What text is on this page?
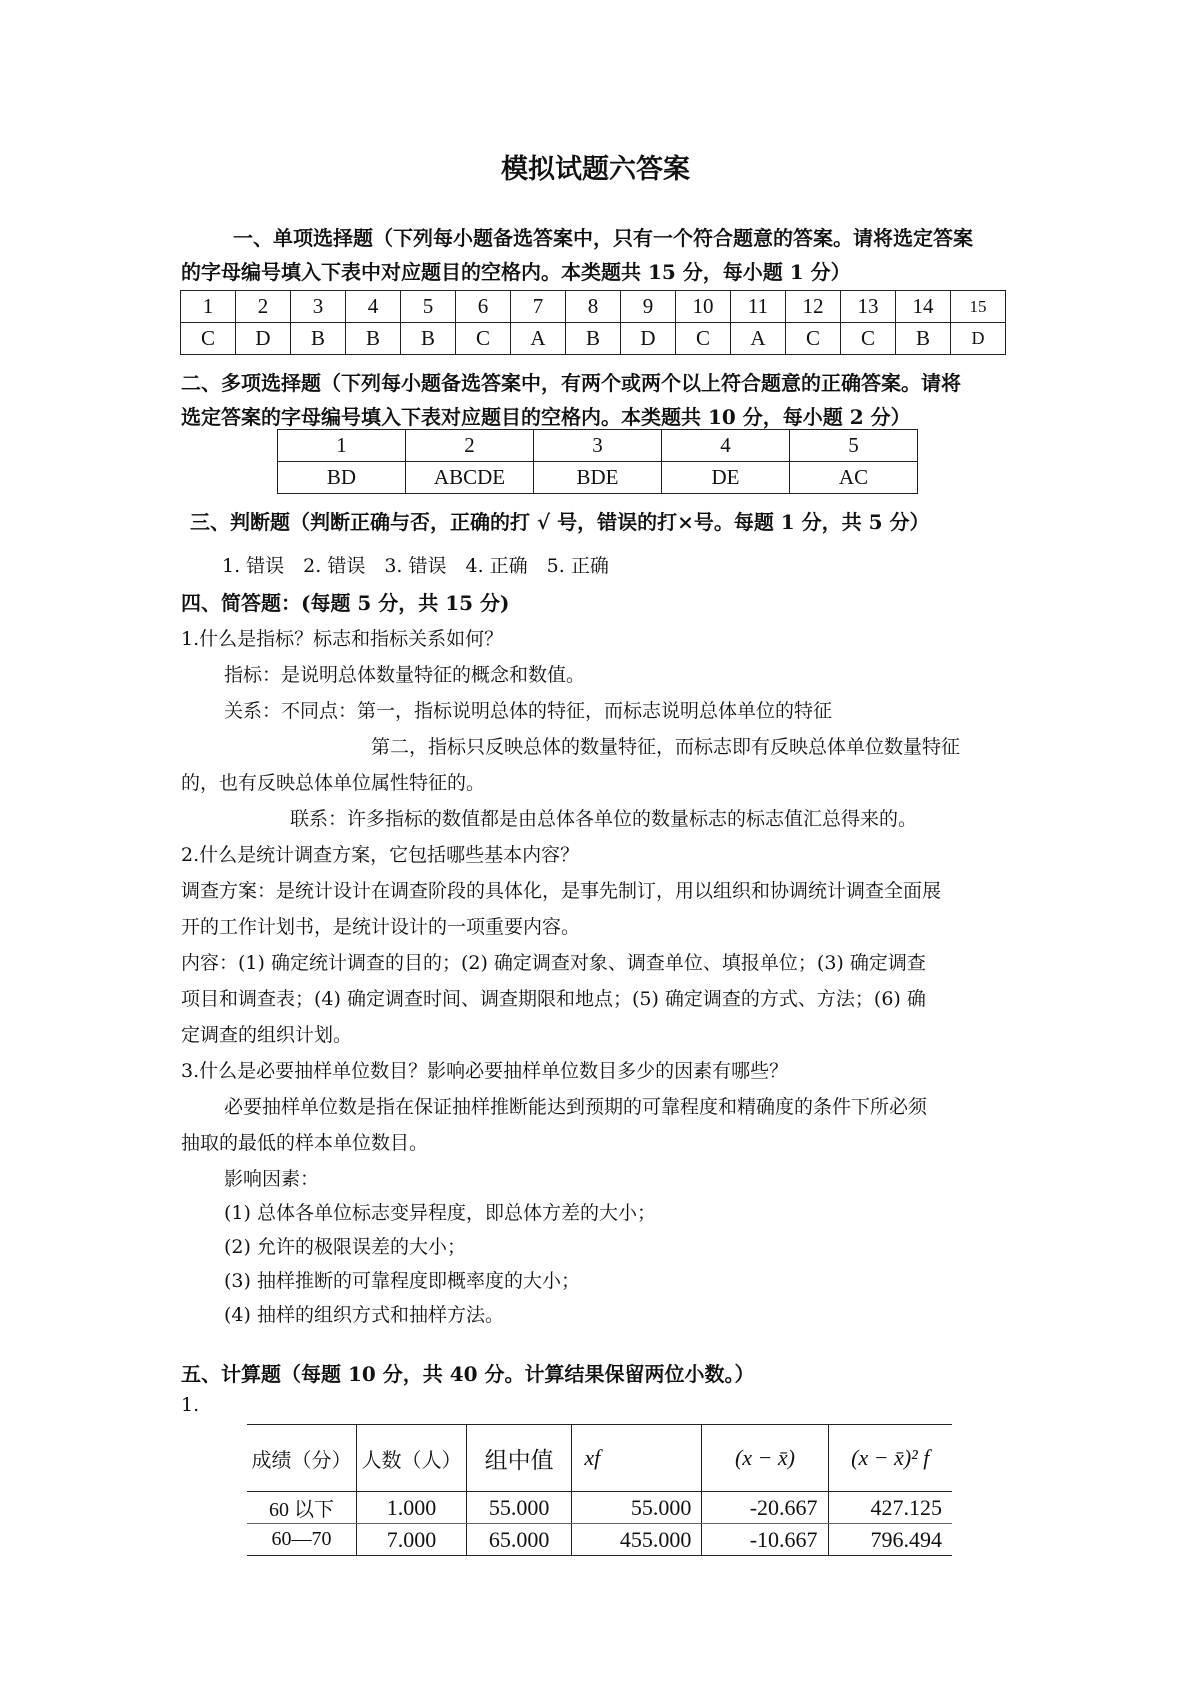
模拟试题六答案
一、单项选择题（下列每小题备选答案中，只有一个符合题意的答案。请将选定答案
的字母编号填入下表中对应题目的空格内。本类题共 15 分，每小题 1 分）
1	2	3	4	5	6	7	8	9	10	11	12	13	14	15
C	D	B	B	B	C	A	B	D	C	A	C	C	B	D
二、多项选择题（下列每小题备选答案中，有两个或两个以上符合题意的正确答案。请将
选定答案的字母编号填入下表对应题目的空格内。本类题共 10 分，每小题 2 分）
1	2	3	4	5
BD	ABCDE	BDE	DE	AC
三、判断题（判断正确与否，正确的打 √ 号，错误的打×号。每题 1 分，共 5 分）
1. 错误　2. 错误　3. 错误　4. 正确　5. 正确
四、简答题：(每题 5 分，共 15 分)
1.什么是指标？标志和指标关系如何？
指标：是说明总体数量特征的概念和数值。
关系：不同点：第一，指标说明总体的特征，而标志说明总体单位的特征
第二，指标只反映总体的数量特征，而标志即有反映总体单位数量特征
的，也有反映总体单位属性特征的。
联系：许多指标的数值都是由总体各单位的数量标志的标志值汇总得来的。
2.什么是统计调查方案，它包括哪些基本内容？
调查方案：是统计设计在调查阶段的具体化，是事先制订，用以组织和协调统计调查全面展
开的工作计划书，是统计设计的一项重要内容。
内容：(1) 确定统计调查的目的；(2) 确定调查对象、调查单位、填报单位；(3) 确定调查
项目和调查表；(4) 确定调查时间、调查期限和地点；(5) 确定调查的方式、方法；(6) 确
定调查的组织计划。
3.什么是必要抽样单位数目？影响必要抽样单位数目多少的因素有哪些？
必要抽样单位数是指在保证抽样推断能达到预期的可靠程度和精确度的条件下所必须
抽取的最低的样本单位数目。
影响因素：
(1) 总体各单位标志变异程度，即总体方差的大小；
(2) 允许的极限误差的大小；
(3) 抽样推断的可靠程度即概率度的大小；
(4) 抽样的组织方式和抽样方法。
五、计算题（每题 10 分，共 40 分。计算结果保留两位小数。）
1.
成绩（分）	人数（人）	组中值	xf	(x − x̄)	(x − x̄)² f
60 以下	1.000	55.000	55.000	-20.667	427.125
60—70	7.000	65.000	455.000	-10.667	796.494
